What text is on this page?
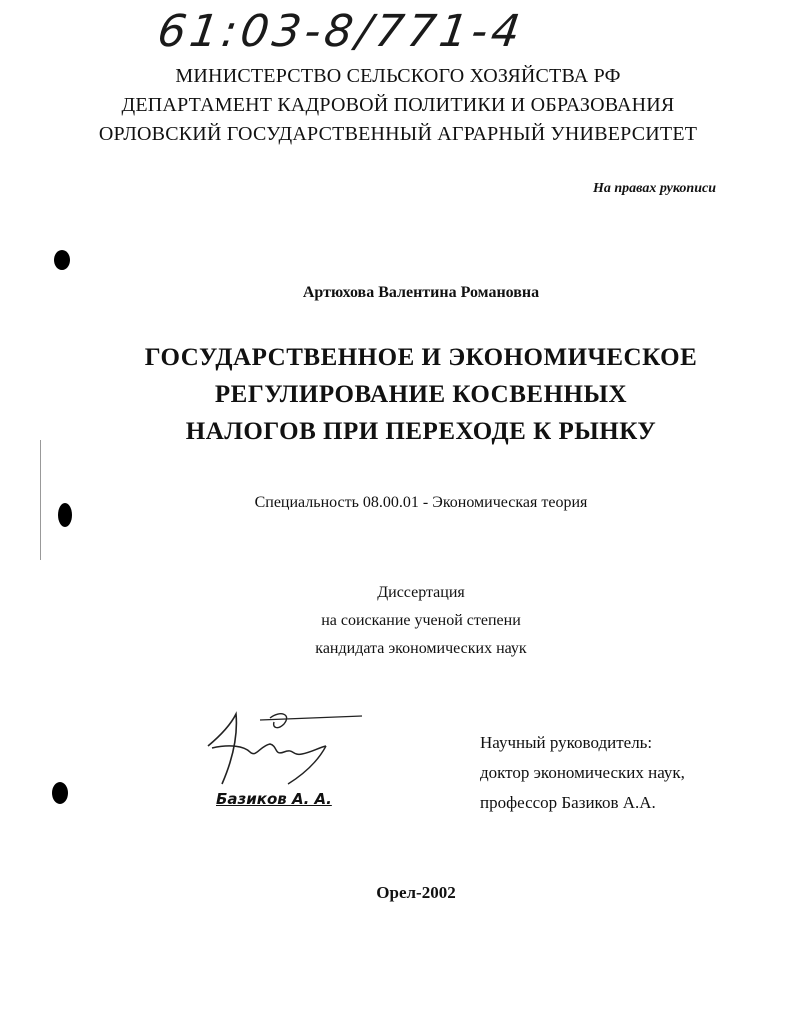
61:03-8/771-4
МИНИСТЕРСТВО СЕЛЬСКОГО ХОЗЯЙСТВА РФ
ДЕПАРТАМЕНТ КАДРОВОЙ ПОЛИТИКИ И ОБРАЗОВАНИЯ
ОРЛОВСКИЙ ГОСУДАРСТВЕННЫЙ АГРАРНЫЙ УНИВЕРСИТЕТ
На правах рукописи
Артюхова Валентина Романовна
ГОСУДАРСТВЕННОЕ И ЭКОНОМИЧЕСКОЕ
РЕГУЛИРОВАНИЕ КОСВЕННЫХ
НАЛОГОВ ПРИ ПЕРЕХОДЕ К РЫНКУ
Специальность 08.00.01 - Экономическая теория
Диссертация
на соискание ученой степени
кандидата экономических наук
Базиков А. А.
Научный руководитель:
доктор экономических наук,
профессор Базиков А.А.
Орел-2002
